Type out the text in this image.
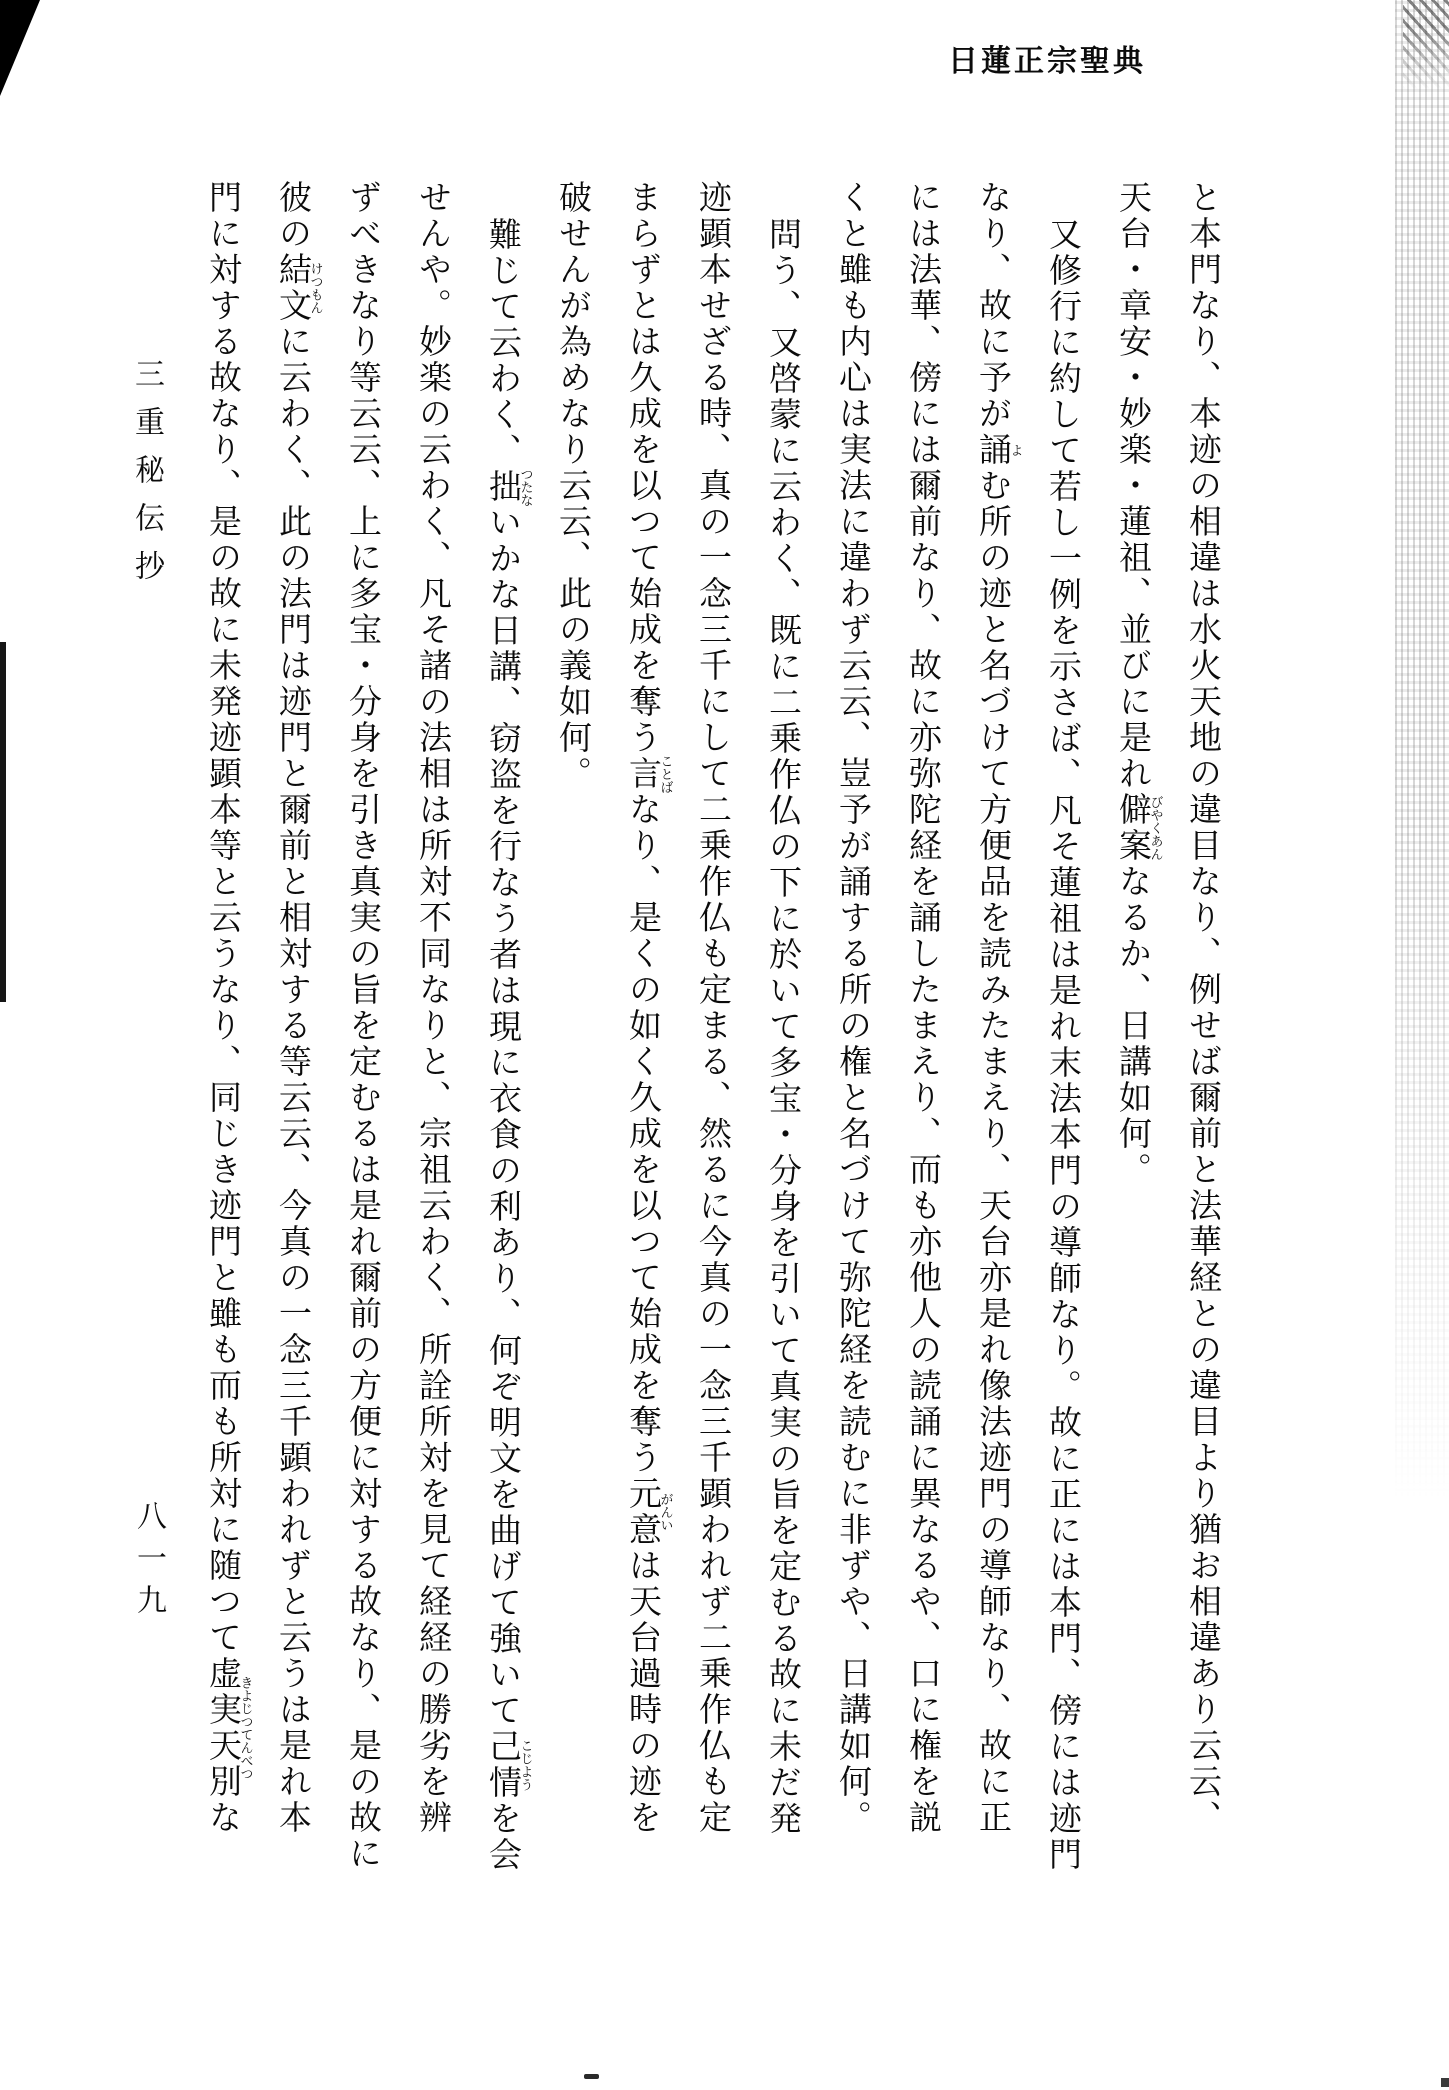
日蓮正宗聖典
と本門なり、本迹の相違は水火天地の違目なり、例せば爾前と法華経との違目より猶お相違あり云云、
天台・章安・妙楽・蓮祖、並びに是れ僻案びやくあんなるか、日講如何。
又修行に約して若し一例を示さば、凡そ蓮祖は是れ末法本門の導師なり。故に正には本門、傍には迹門
なり、故に予が誦よむ所の迹と名づけて方便品を読みたまえり、天台亦是れ像法迹門の導師なり、故に正
には法華、傍には爾前なり、故に亦弥陀経を誦したまえり、而も亦他人の読誦に異なるや、口に権を説
くと雖も内心は実法に違わず云云、豈予が誦する所の権と名づけて弥陀経を読むに非ずや、日講如何。
問う、又啓蒙に云わく、既に二乗作仏の下に於いて多宝・分身を引いて真実の旨を定むる故に未だ発
迹顕本せざる時、真の一念三千にして二乗作仏も定まる、然るに今真の一念三千顕われず二乗作仏も定
まらずとは久成を以つて始成を奪う言ことばなり、是くの如く久成を以つて始成を奪う元意がんいは天台過時の迹を
破せんが為めなり云云、此の義如何。
難じて云わく、拙つたないかな日講、窃盗を行なう者は現に衣食の利あり、何ぞ明文を曲げて強いて己情こじようを会
せんや。妙楽の云わく、凡そ諸の法相は所対不同なりと、宗祖云わく、所詮所対を見て経経の勝劣を辨
ずべきなり等云云、上に多宝・分身を引き真実の旨を定むるは是れ爾前の方便に対する故なり、是の故に
彼の結文けつもんに云わく、此の法門は迹門と爾前と相対する等云云、今真の一念三千顕われずと云うは是れ本
門に対する故なり、是の故に未発迹顕本等と云うなり、同じき迹門と雖も而も所対に随つて虚実天別きよじつてんべつな
三重秘伝抄
八一九
